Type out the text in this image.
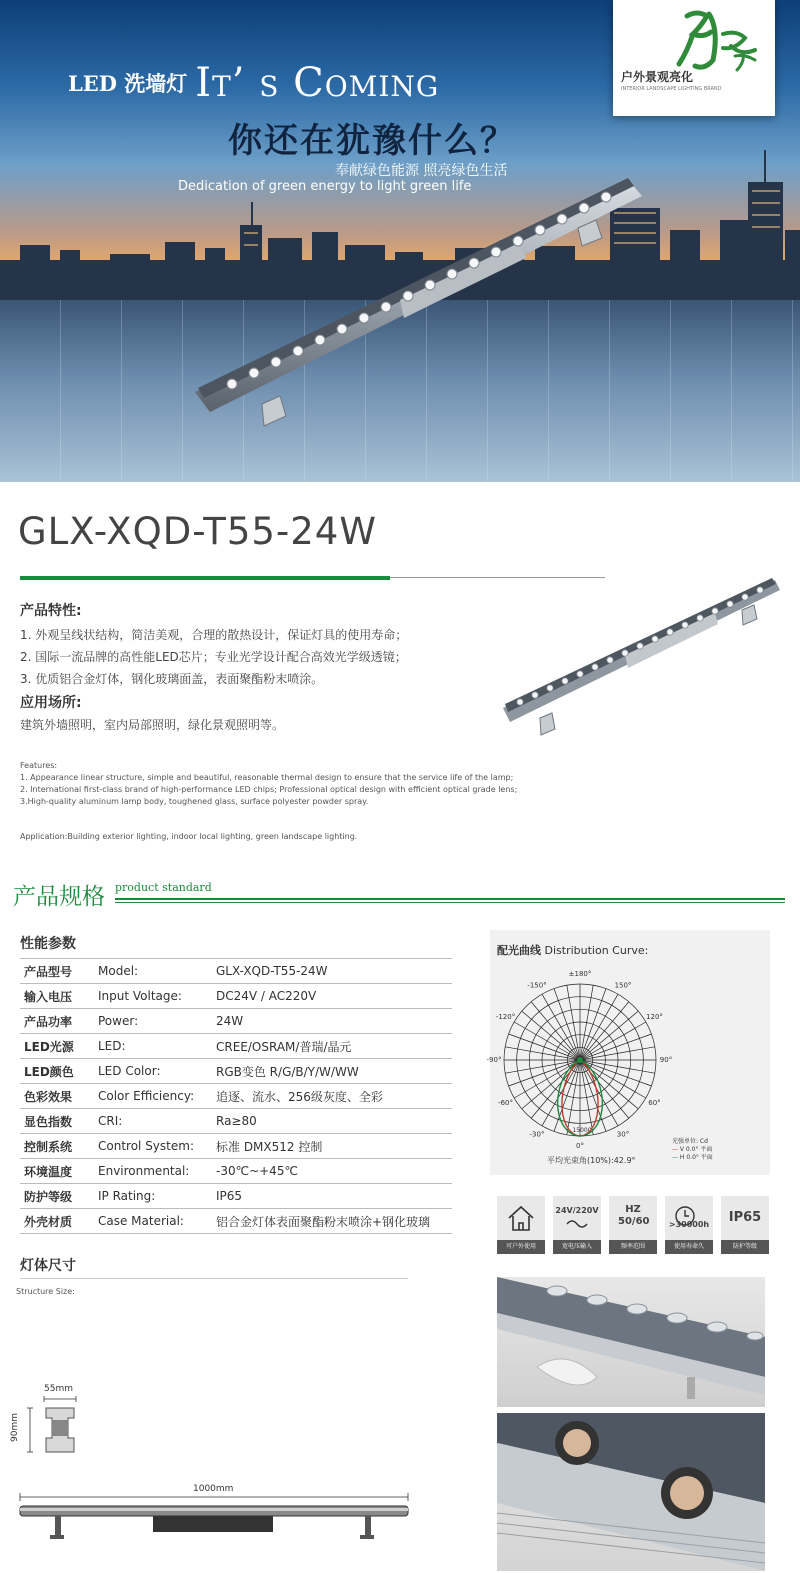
LED 洗墙灯 It’ s Coming
你还在犹豫什么？
奉献绿色能源 照亮绿色生活
Dedication of green energy to light green life
户外景观亮化
INTERIOR LANDSCAPE LIGHTING BRAND
GLX-XQD-T55-24W
产品特性:
1. 外观呈线状结构，简洁美观，合理的散热设计，保证灯具的使用寿命；
2. 国际一流品牌的高性能LED芯片；专业光学设计配合高效光学级透镜；
3. 优质铝合金灯体，钢化玻璃面盖，表面聚酯粉末喷涂。
应用场所:
建筑外墙照明，室内局部照明，绿化景观照明等。
Features:
1. Appearance linear structure, simple and beautiful, reasonable thermal design to ensure that the service life of the lamp;
2. International first-class brand of high-performance LED chips; Professional optical design with efficient optical grade lens;
3.High-quality aluminum lamp body, toughened glass, surface polyester powder spray.
Application:Building exterior lighting, indoor local lighting, green landscape lighting.
产品规格 product standard
性能参数
产品型号	Model:	GLX-XQD-T55-24W
输入电压	Input Voltage:	DC24V / AC220V
产品功率	Power:	24W
LED光源	LED:	CREE/OSRAM/普瑞/晶元
LED颜色	LED Color:	RGB变色 R/G/B/Y/W/WW
色彩效果	Color Efficiency:	追逐、流水、256级灰度、全彩
显色指数	CRI:	Ra≥80
控制系统	Control System:	标准 DMX512 控制
环境温度	Environmental:	-30℃~+45℃
防护等级	IP Rating:	IP65
外壳材质	Case Material:	铝合金灯体表面聚酯粉末喷涂+钢化玻璃
灯体尺寸
Structure Size:
55mm
90mm
1000mm
配光曲线 Distribution Curve:
±180°
-150°	150°
-120°	120°
-90°	90°
-60°	60°
-30°	30°
0°
15000
平均光束角(10%):42.9°
光强单位: Cd
— V 0.0° 平面
— H 0.0° 平面
可户外使用
24V/220V
宽电压输入
HZ 50/60
频率范围
>30000h
使用寿命久
IP65
防护等级
